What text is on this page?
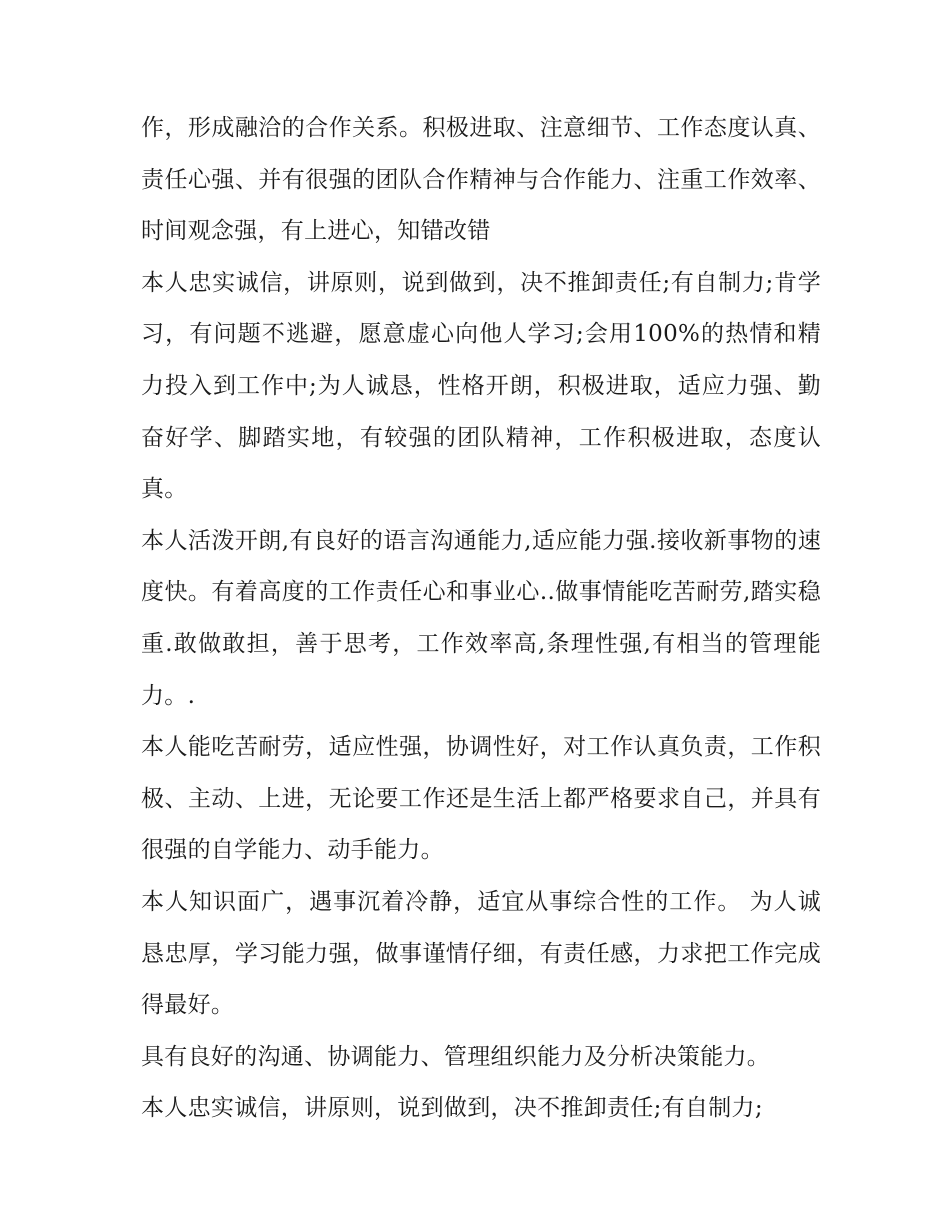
作，形成融洽的合作关系。积极进取、注意细节、工作态度认真、责任心强、并有很强的团队合作精神与合作能力、注重工作效率、时间观念强，有上进心，知错改错

本人忠实诚信，讲原则，说到做到，决不推卸责任;有自制力;肯学习，有问题不逃避，愿意虚心向他人学习;会用100%的热情和精力投入到工作中;为人诚恳，性格开朗，积极进取，适应力强、勤奋好学、脚踏实地，有较强的团队精神，工作积极进取，态度认真。

本人活泼开朗,有良好的语言沟通能力,适应能力强.接收新事物的速度快。有着高度的工作责任心和事业心..做事情能吃苦耐劳,踏实稳重.敢做敢担，善于思考，工作效率高,条理性强,有相当的管理能力。.

本人能吃苦耐劳，适应性强，协调性好，对工作认真负责，工作积极、主动、上进，无论要工作还是生活上都严格要求自己，并具有很强的自学能力、动手能力。

本人知识面广，遇事沉着冷静，适宜从事综合性的工作。 为人诚恳忠厚，学习能力强，做事谨情仔细，有责任感，力求把工作完成得最好。

具有良好的沟通、协调能力、管理组织能力及分析决策能力。

本人忠实诚信，讲原则，说到做到，决不推卸责任;有自制力;
